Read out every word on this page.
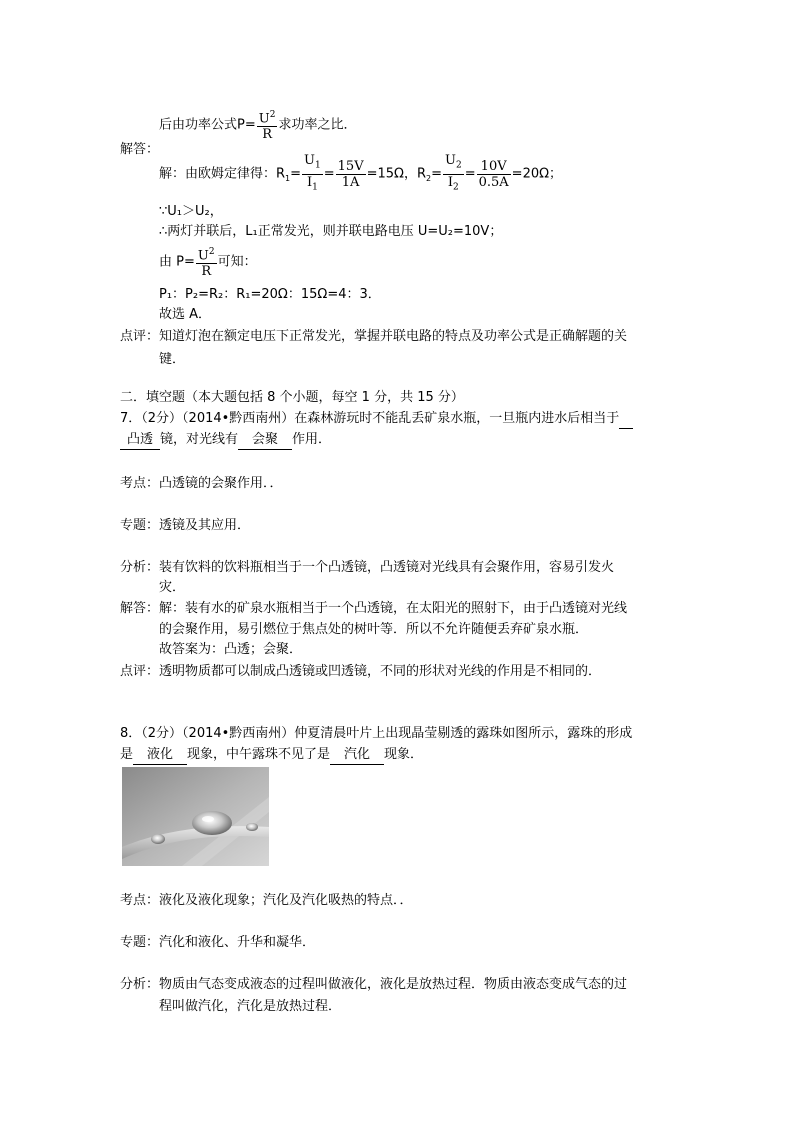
后由功率公式$P= \frac{U^2}{R}$ 求功率之比．
解答：
解：由欧姆定律得：$R_1= \frac{U_1}{I_1} = \frac{15V}{1A} =15\Omega$，$R_2= \frac{U_2}{I_2} = \frac{10V}{0.5A} =20\Omega$；
∵U₁＞U₂，
∴两灯并联后，L₁正常发光，则并联电路电压 U=U₂=10V；
由 $P= \frac{U^2}{R}$ 可知：
P₁：P₂=R₂：R₁=20Ω：15Ω=4：3．
故选 A．
点评： 知道灯泡在额定电压下正常发光，掌握并联电路的特点及功率公式是正确解题的关
键．
二．填空题（本大题包括 8 个小题，每空 1 分，共 15 分）
7．（2分）（2014•黔西南州）在森林游玩时不能乱丢矿泉水瓶，一旦瓶内进水后相当于
凸透 镜，对光线有 会聚 作用．
考点：凸透镜的会聚作用．．
专题：透镜及其应用．
分析： 装有饮料的饮料瓶相当于一个凸透镜，凸透镜对光线具有会聚作用，容易引发火
灾．
解答： 解：装有水的矿泉水瓶相当于一个凸透镜，在太阳光的照射下，由于凸透镜对光线
的会聚作用，易引燃位于焦点处的树叶等．所以不允许随便丢弃矿泉水瓶．
故答案为：凸透；会聚．
点评：透明物质都可以制成凸透镜或凹透镜，不同的形状对光线的作用是不相同的．
8．（2分）（2014•黔西南州）仲夏清晨叶片上出现晶莹剔透的露珠如图所示，露珠的形成
是 液化 现象，中午露珠不见了是 汽化 现象．
考点：液化及液化现象；汽化及汽化吸热的特点．．
专题：汽化和液化、升华和凝华．
分析： 物质由气态变成液态的过程叫做液化，液化是放热过程．物质由液态变成气态的过
程叫做汽化，汽化是放热过程．
